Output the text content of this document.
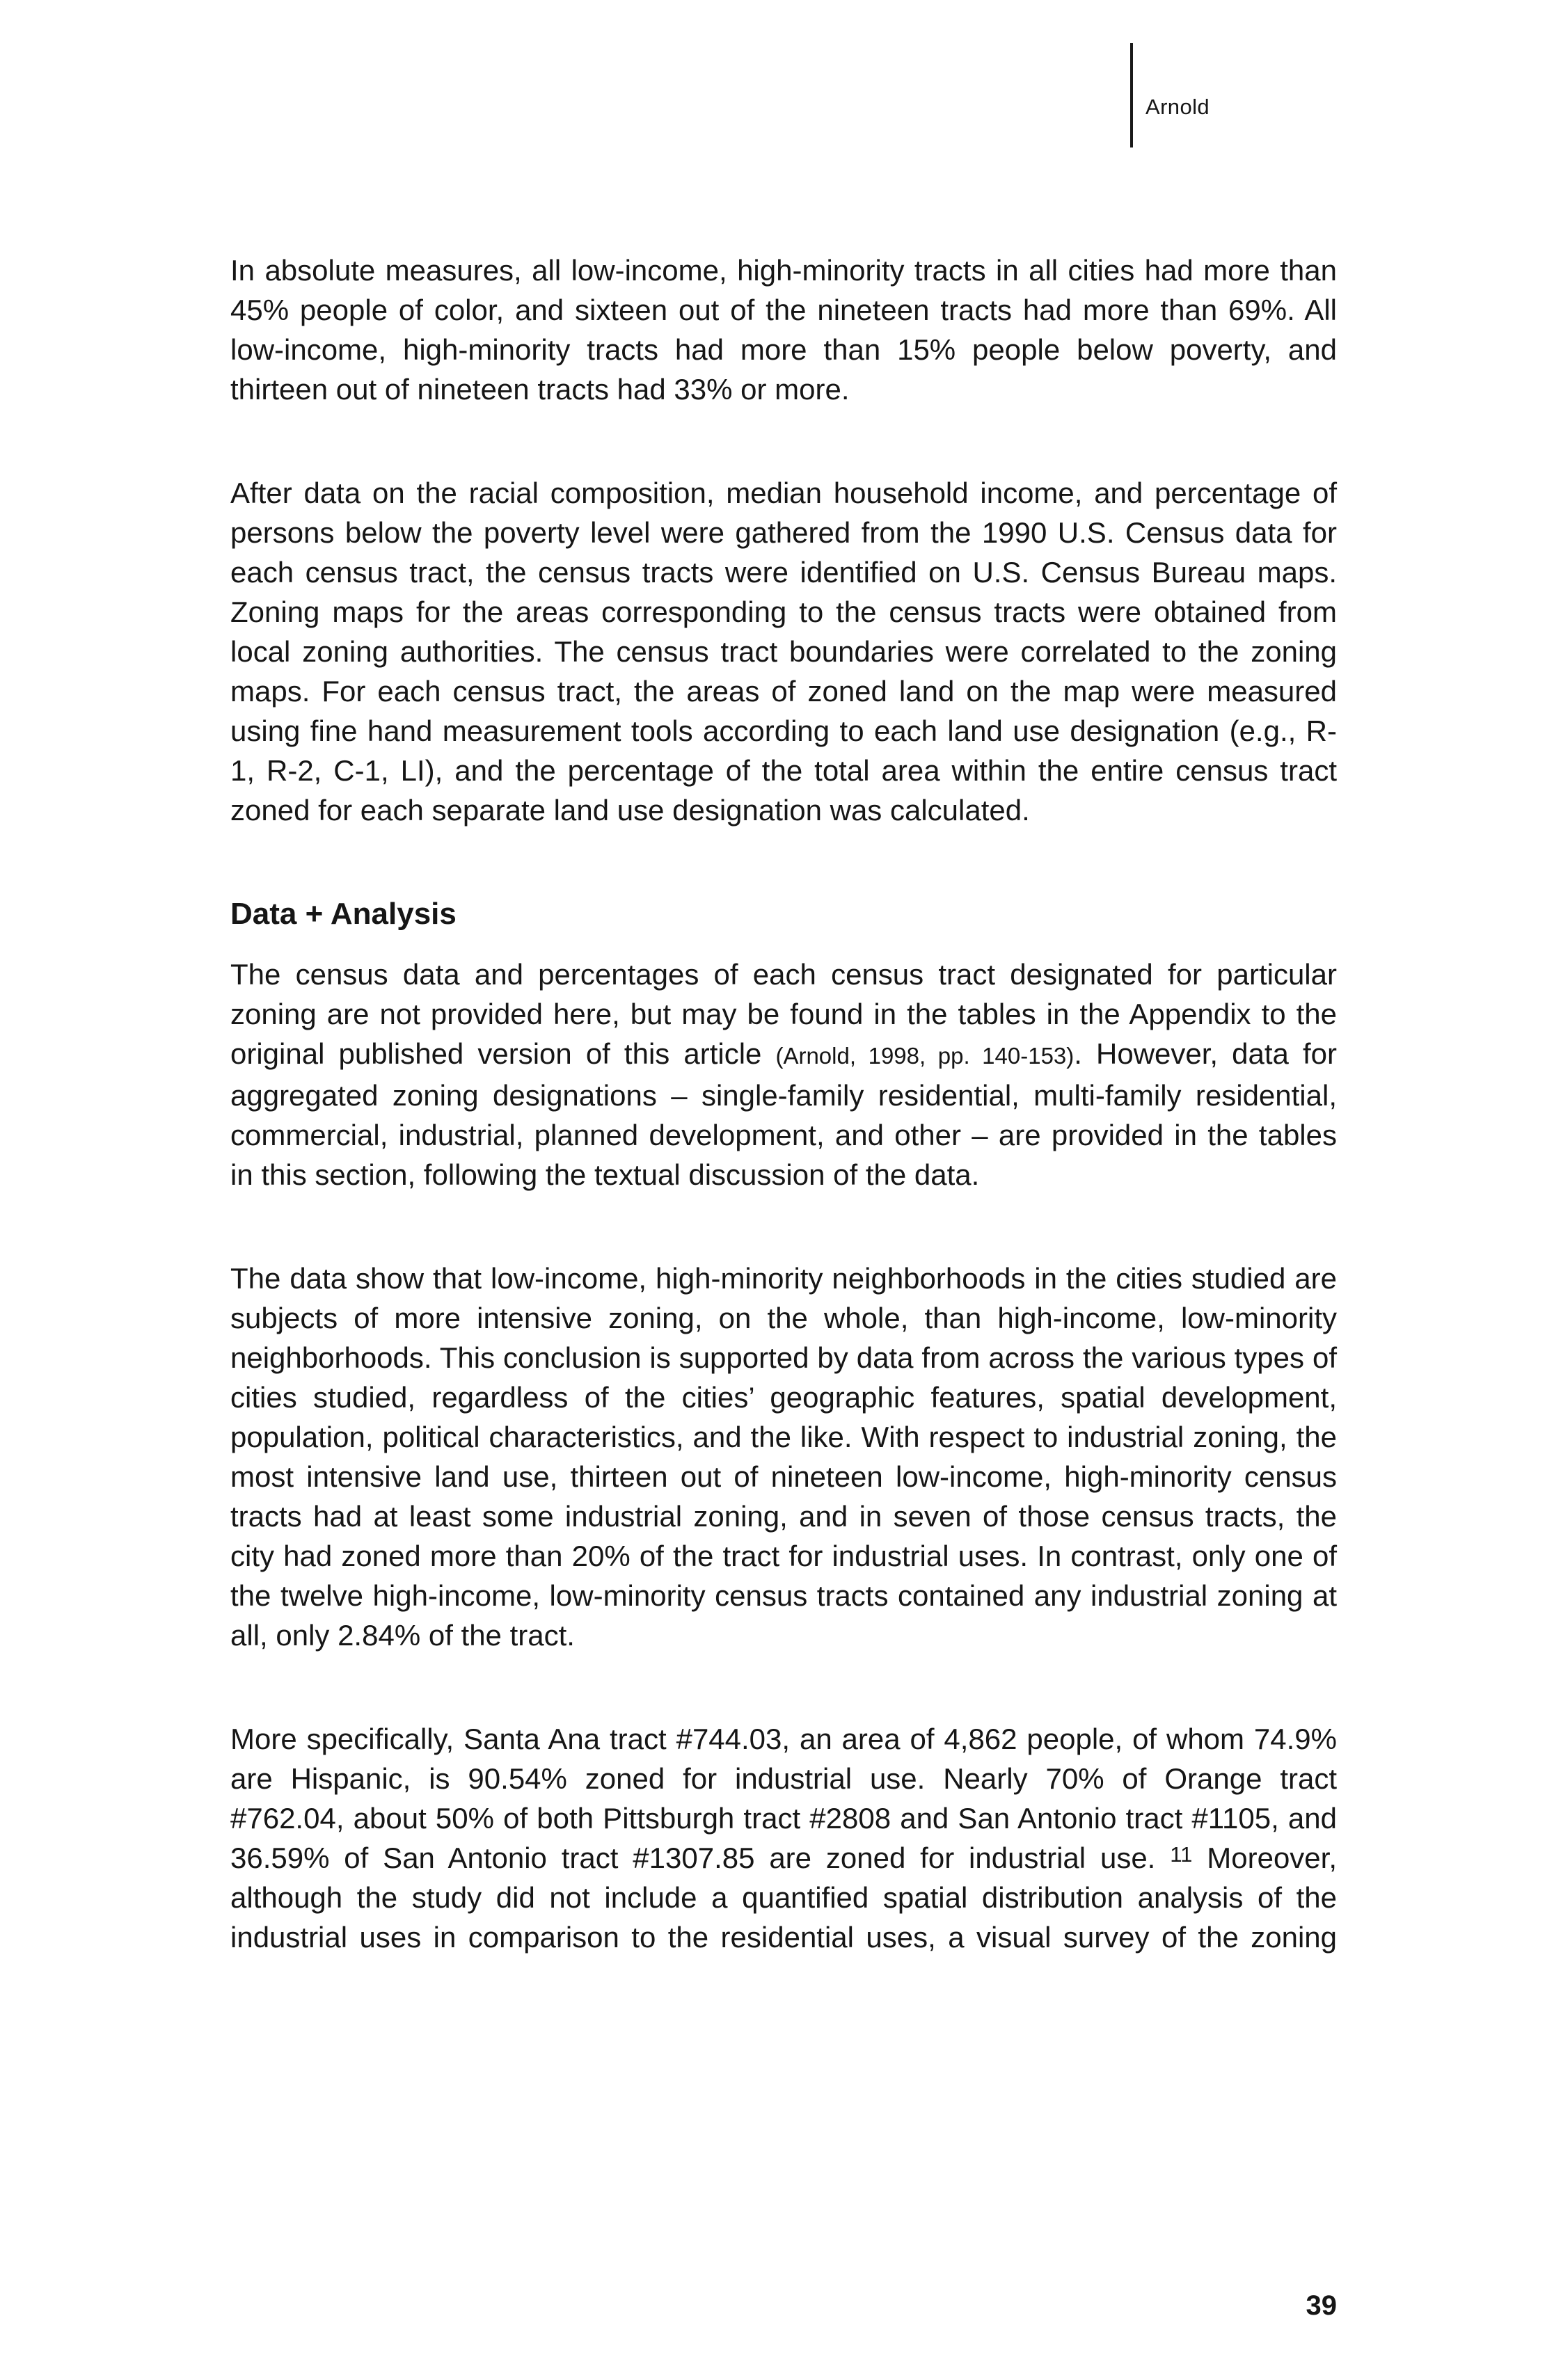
Arnold

In absolute measures, all low-income, high-minority tracts in all cities had more than 45% people of color, and sixteen out of the nineteen tracts had more than 69%. All low-income, high-minority tracts had more than 15% people below poverty, and thirteen out of nineteen tracts had 33% or more.

After data on the racial composition, median household income, and percentage of persons below the poverty level were gathered from the 1990 U.S. Census data for each census tract, the census tracts were identified on U.S. Census Bureau maps. Zoning maps for the areas corresponding to the census tracts were obtained from local zoning authorities. The census tract boundaries were correlated to the zoning maps. For each census tract, the areas of zoned land on the map were measured using fine hand measurement tools according to each land use designation (e.g., R-1, R-2, C-1, LI), and the percentage of the total area within the entire census tract zoned for each separate land use designation was calculated.

Data + Analysis

The census data and percentages of each census tract designated for particular zoning are not provided here, but may be found in the tables in the Appendix to the original published version of this article (Arnold, 1998, pp. 140-153). However, data for aggregated zoning designations – single-family residential, multi-family residential, commercial, industrial, planned development, and other – are provided in the tables in this section, following the textual discussion of the data.

The data show that low-income, high-minority neighborhoods in the cities studied are subjects of more intensive zoning, on the whole, than high-income, low-minority neighborhoods. This conclusion is supported by data from across the various types of cities studied, regardless of the cities’ geographic features, spatial development, population, political characteristics, and the like. With respect to industrial zoning, the most intensive land use, thirteen out of nineteen low-income, high-minority census tracts had at least some industrial zoning, and in seven of those census tracts, the city had zoned more than 20% of the tract for industrial uses. In contrast, only one of the twelve high-income, low-minority census tracts contained any industrial zoning at all, only 2.84% of the tract.

More specifically, Santa Ana tract #744.03, an area of 4,862 people, of whom 74.9% are Hispanic, is 90.54% zoned for industrial use. Nearly 70% of Orange tract #762.04, about 50% of both Pittsburgh tract #2808 and San Antonio tract #1105, and 36.59% of San Antonio tract #1307.85 are zoned for industrial use. $^{11}$ Moreover, although the study did not include a quantified spatial distribution analysis of the industrial uses in comparison to the residential uses, a visual survey of the zoning

39
